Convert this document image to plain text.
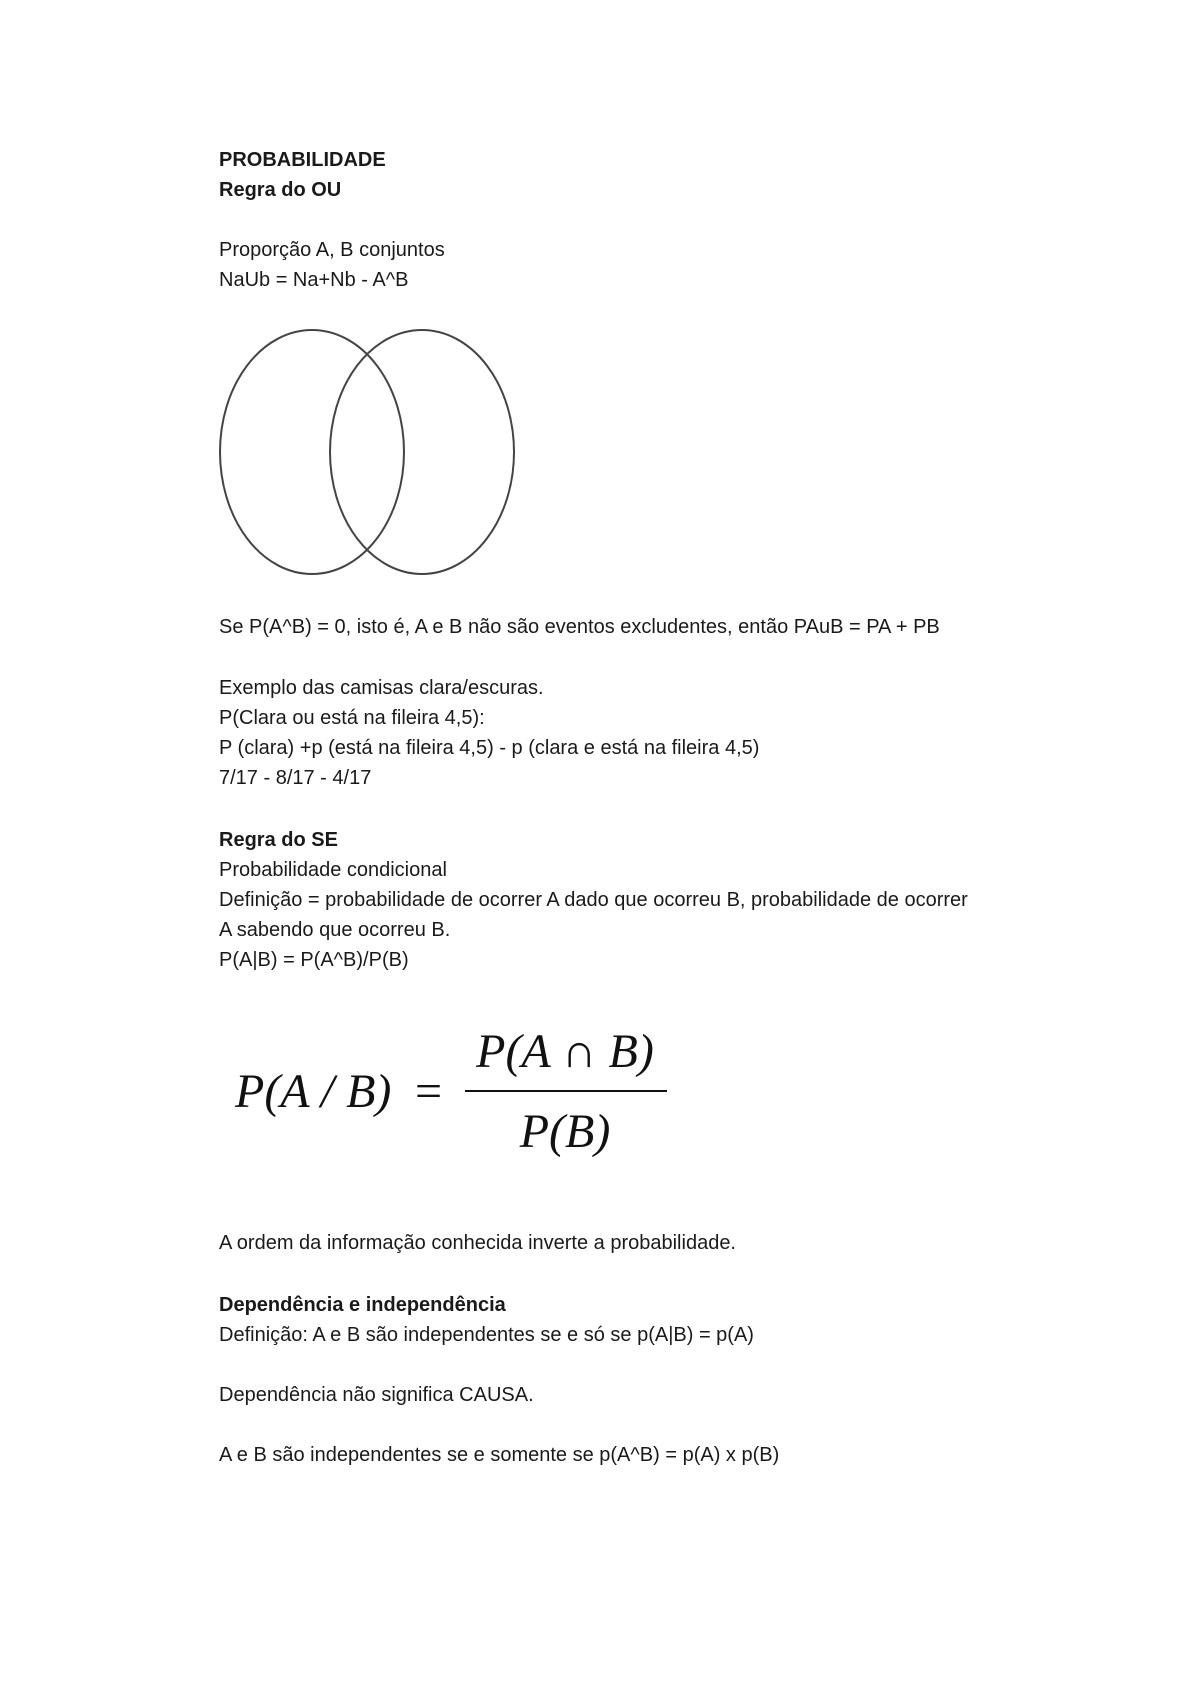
PROBABILIDADE

Regra do OU

Proporção A, B conjuntos

NaUb = Na+Nb - A^B

Se P(A^B) = 0, isto é, A e B não são eventos excludentes, então PAuB = PA + PB

Exemplo das camisas clara/escuras.

P(Clara ou está na fileira 4,5):

P (clara) +p (está na fileira 4,5) - p (clara e está na fileira 4,5)

7/17 - 8/17 - 4/17

Regra do SE

Probabilidade condicional

Definição = probabilidade de ocorrer A dado que ocorreu B, probabilidade de ocorrer

A sabendo que ocorreu B.

P(A|B) = P(A^B)/P(B)

P(A / B) =
P(A ∩ B)
P(B)

A ordem da informação conhecida inverte a probabilidade.

Dependência e independência

Definição: A e B são independentes se e só se p(A|B) = p(A)

Dependência não significa CAUSA.

A e B são independentes se e somente se p(A^B) = p(A) x p(B)
